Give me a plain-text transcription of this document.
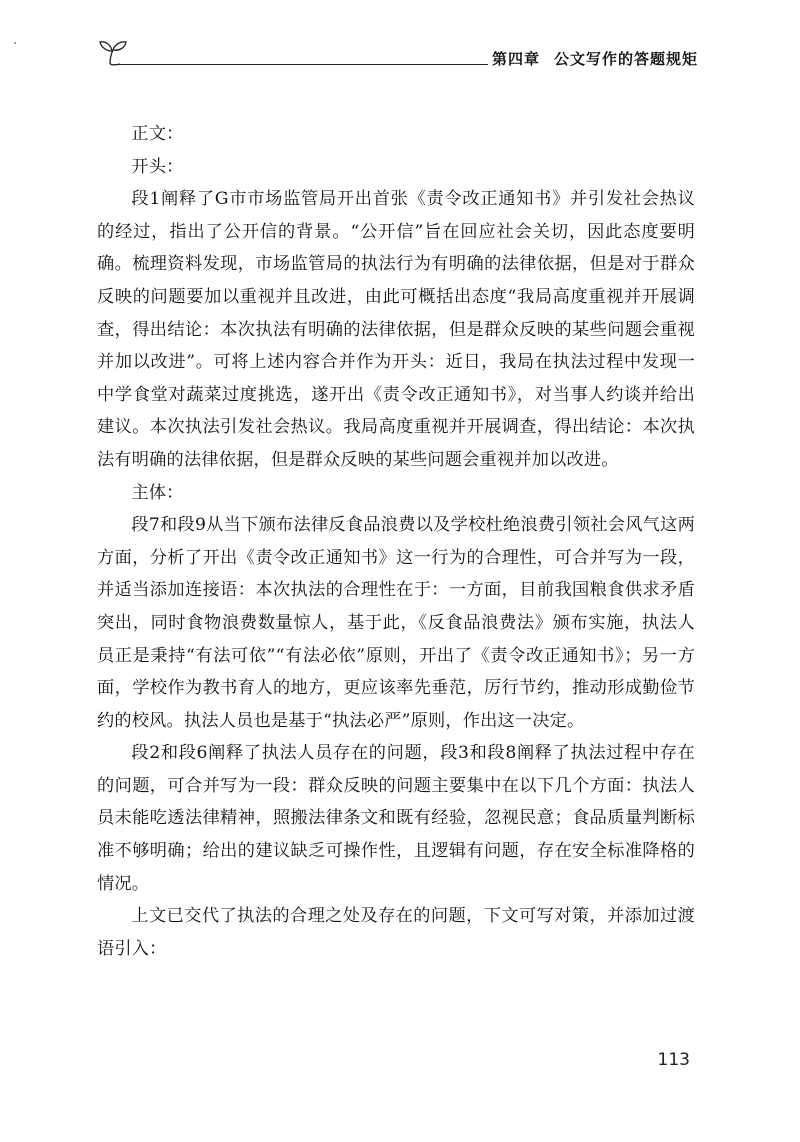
第四章 公文写作的答题规矩

正文：

开头：

段1阐释了G市市场监管局开出首张《责令改正通知书》并引发社会热议的经过，指出了公开信的背景。“公开信”旨在回应社会关切，因此态度要明确。梳理资料发现，市场监管局的执法行为有明确的法律依据，但是对于群众反映的问题要加以重视并且改进，由此可概括出态度“我局高度重视并开展调查，得出结论：本次执法有明确的法律依据，但是群众反映的某些问题会重视并加以改进”。可将上述内容合并作为开头：近日，我局在执法过程中发现一中学食堂对蔬菜过度挑选，遂开出《责令改正通知书》，对当事人约谈并给出建议。本次执法引发社会热议。我局高度重视并开展调查，得出结论：本次执法有明确的法律依据，但是群众反映的某些问题会重视并加以改进。

主体：

段7和段9从当下颁布法律反食品浪费以及学校杜绝浪费引领社会风气这两方面，分析了开出《责令改正通知书》这一行为的合理性，可合并写为一段，并适当添加连接语：本次执法的合理性在于：一方面，目前我国粮食供求矛盾突出，同时食物浪费数量惊人，基于此，《反食品浪费法》颁布实施，执法人员正是秉持“有法可依”“有法必依”原则，开出了《责令改正通知书》；另一方面，学校作为教书育人的地方，更应该率先垂范，厉行节约，推动形成勤俭节约的校风。执法人员也是基于“执法必严”原则，作出这一决定。

段2和段6阐释了执法人员存在的问题，段3和段8阐释了执法过程中存在的问题，可合并写为一段：群众反映的问题主要集中在以下几个方面：执法人员未能吃透法律精神，照搬法律条文和既有经验，忽视民意；食品质量判断标准不够明确；给出的建议缺乏可操作性，且逻辑有问题，存在安全标准降格的情况。

上文已交代了执法的合理之处及存在的问题，下文可写对策，并添加过渡语引入：

113
